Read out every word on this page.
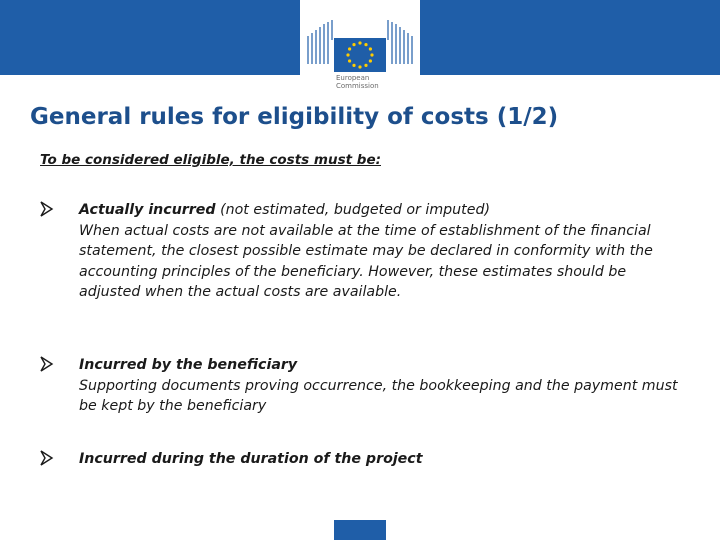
European
Commission
General rules for eligibility of costs (1/2)
To be considered eligible, the costs must be:
Actually incurred (not estimated, budgeted or imputed)
When actual costs are not available at the time of establishment of the financial statement, the closest possible estimate may be declared in conformity with the accounting principles of the beneficiary. However, these estimates should be adjusted when the actual costs are available.
Incurred by the beneficiary
Supporting documents proving occurrence, the bookkeeping and the payment must be kept by the beneficiary
Incurred during the duration of the project
